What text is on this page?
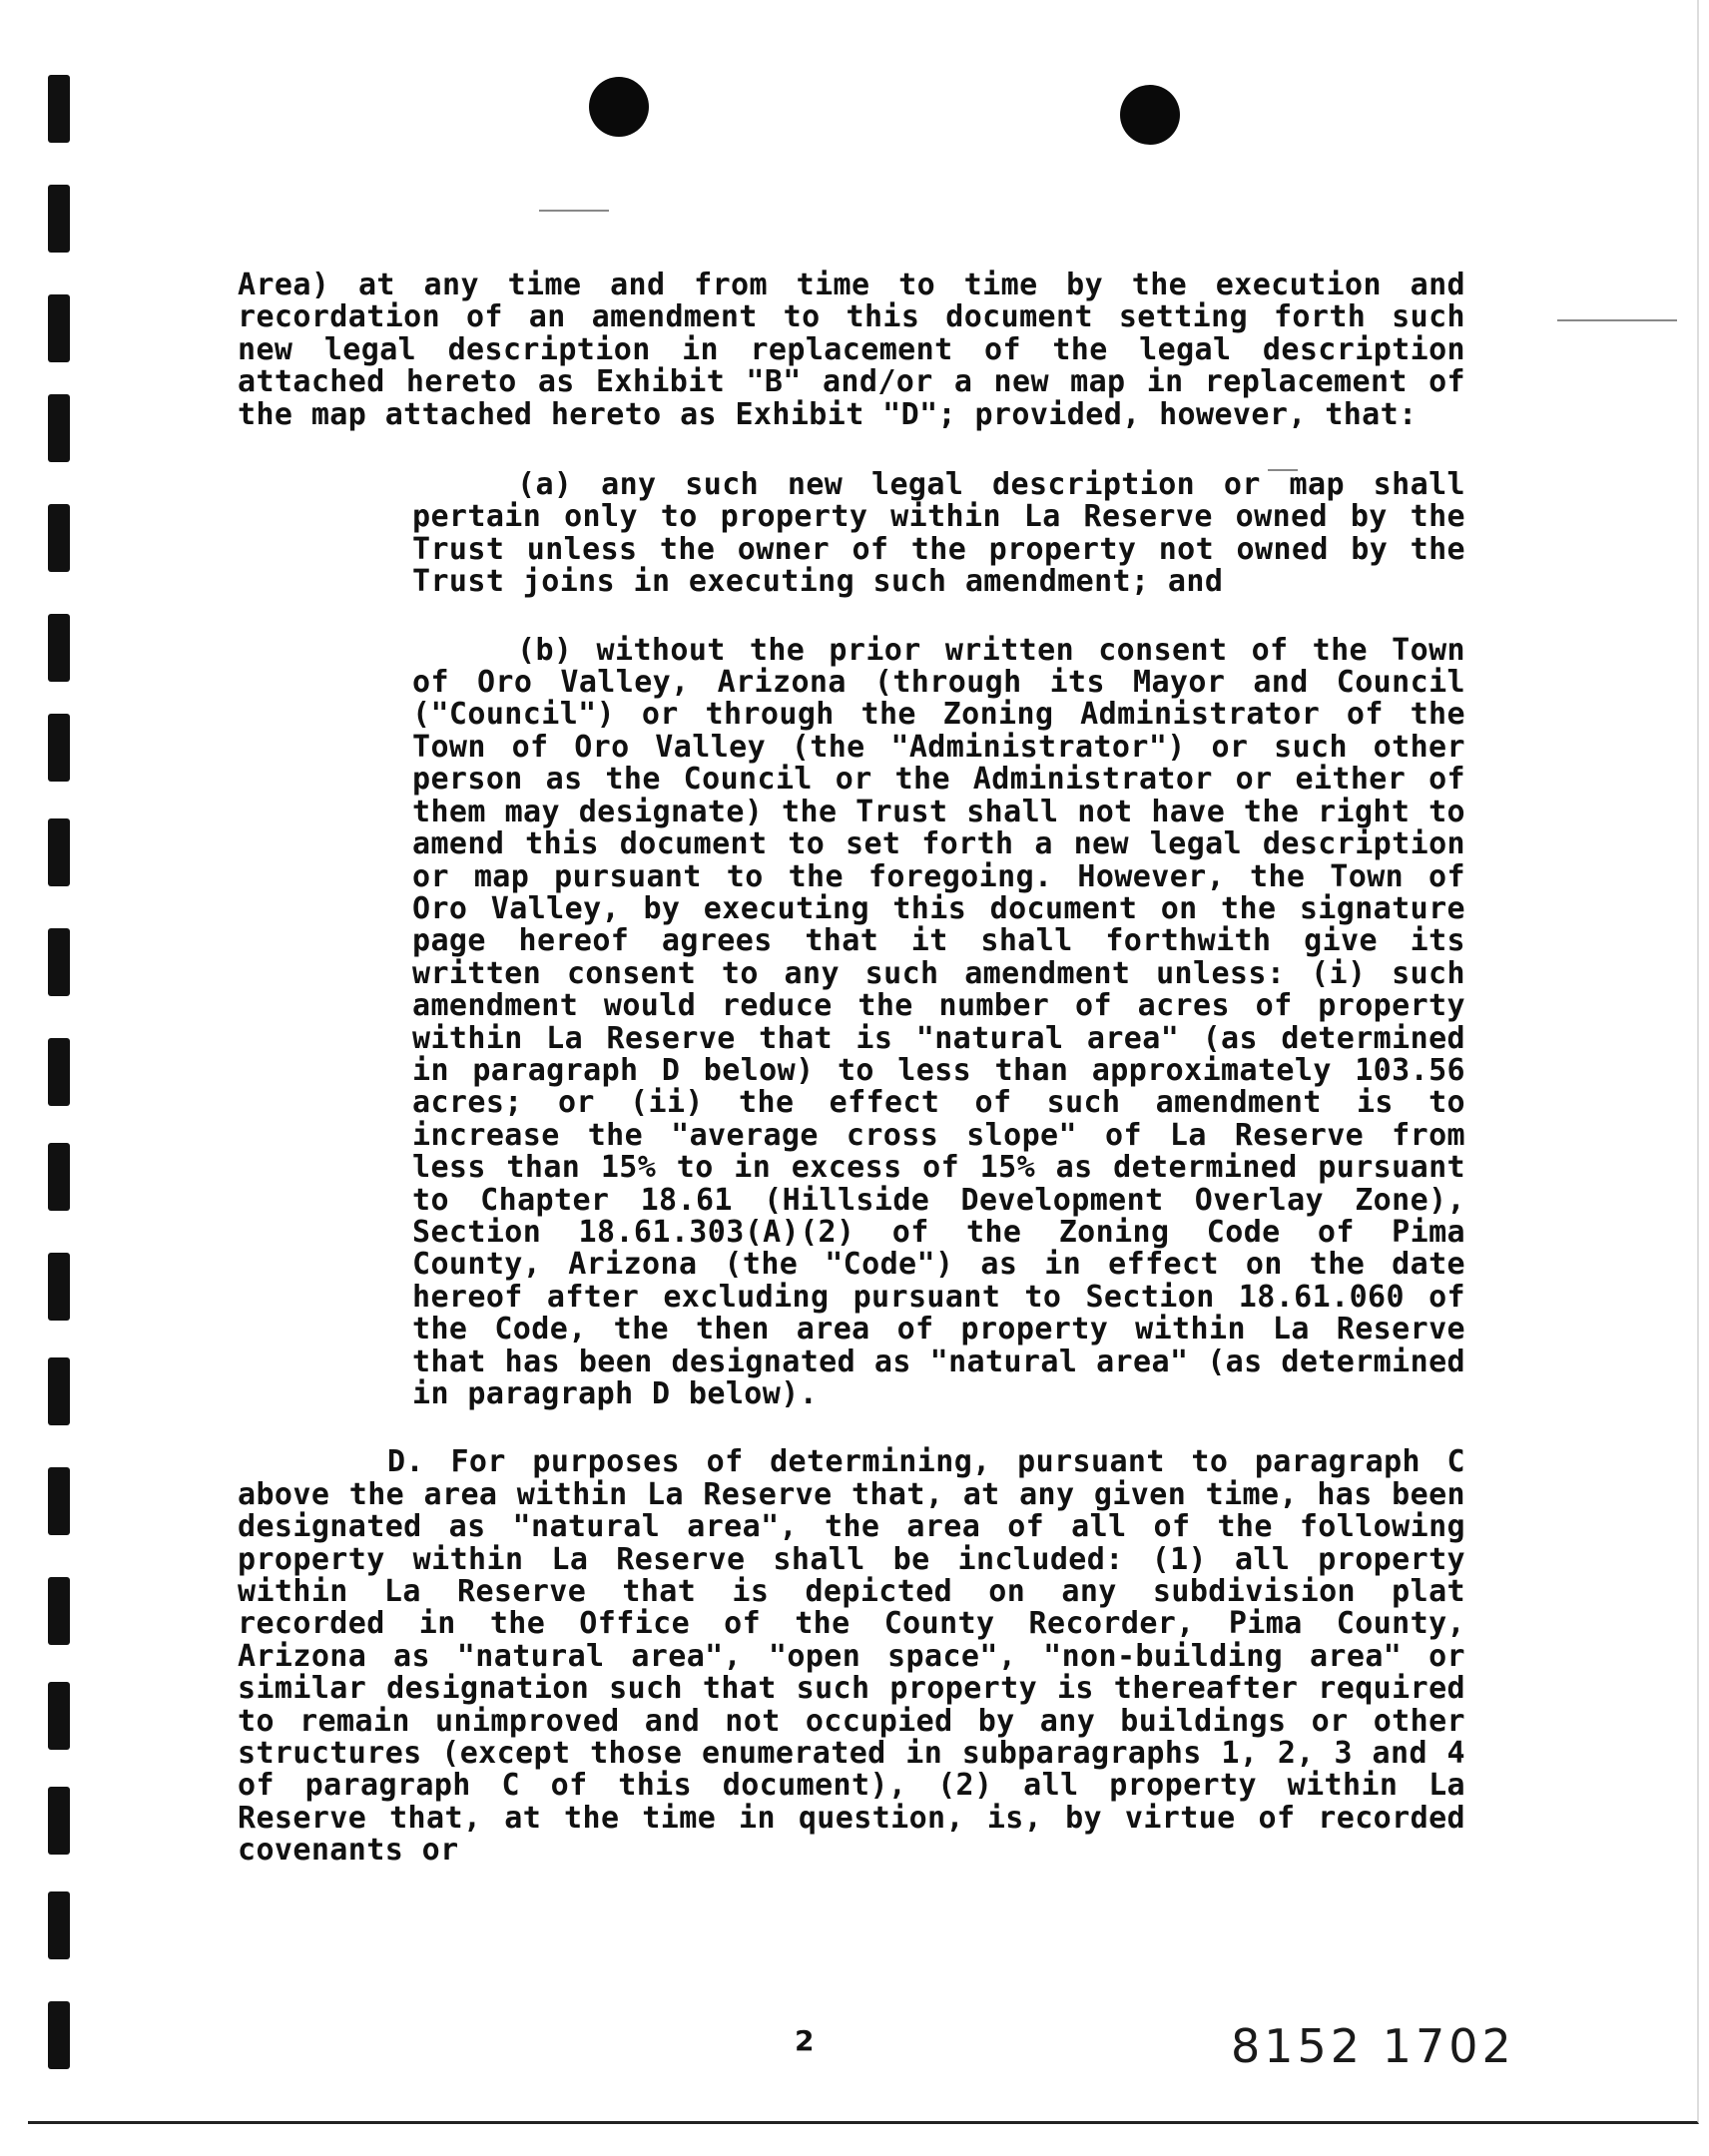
Area) at any time and from time to time by the execution and recordation of an amendment to this document setting forth such new legal description in replacement of the legal description attached hereto as Exhibit "B" and/or a new map in replacement of the map attached hereto as Exhibit "D"; provided, however, that:

(a) any such new legal description or map shall pertain only to property within La Reserve owned by the Trust unless the owner of the property not owned by the Trust joins in executing such amendment; and

(b) without the prior written consent of the Town of Oro Valley, Arizona (through its Mayor and Council ("Council") or through the Zoning Administrator of the Town of Oro Valley (the "Administrator") or such other person as the Council or the Administrator or either of them may designate) the Trust shall not have the right to amend this document to set forth a new legal description or map pursuant to the foregoing. However, the Town of Oro Valley, by executing this document on the signature page hereof agrees that it shall forthwith give its written consent to any such amendment unless: (i) such amendment would reduce the number of acres of property within La Reserve that is "natural area" (as determined in paragraph D below) to less than approximately 103.56 acres; or (ii) the effect of such amendment is to increase the "average cross slope" of La Reserve from less than 15% to in excess of 15% as determined pursuant to Chapter 18.61 (Hillside Development Overlay Zone), Section 18.61.303(A)(2) of the Zoning Code of Pima County, Arizona (the "Code") as in effect on the date hereof after excluding pursuant to Section 18.61.060 of the Code, the then area of property within La Reserve that has been designated as "natural area" (as determined in paragraph D below).

D. For purposes of determining, pursuant to paragraph C above the area within La Reserve that, at any given time, has been designated as "natural area", the area of all of the following property within La Reserve shall be included: (1) all property within La Reserve that is depicted on any subdivision plat recorded in the Office of the County Recorder, Pima County, Arizona as "natural area", "open space", "non-building area" or similar designation such that such property is thereafter required to remain unimproved and not occupied by any buildings or other structures (except those enumerated in subparagraphs 1, 2, 3 and 4 of paragraph C of this document), (2) all property within La Reserve that, at the time in question, is, by virtue of recorded covenants or

2	8152 1702
